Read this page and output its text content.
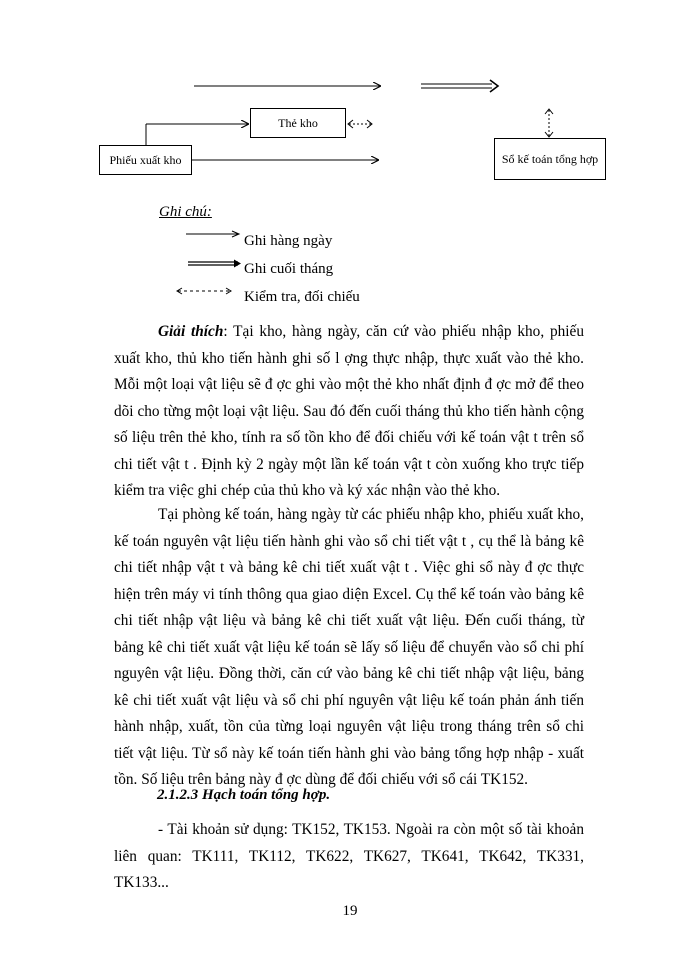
Thẻ kho
Phiếu xuất kho	Sổ kế toán tổng hợp
Ghi chú:
Ghi hàng ngày
Ghi cuối tháng
Kiểm tra, đối chiếu

Giải thích: Tại kho, hàng ngày, căn cứ vào phiếu nhập kho, phiếu xuất kho, thủ kho tiến hành ghi số l ợng thực nhập, thực xuất vào thẻ kho. Mỗi một loại vật liệu sẽ đ ợc ghi vào một thẻ kho nhất định đ ợc mở để theo dõi cho từng một loại vật liệu. Sau đó đến cuối tháng thủ kho tiến hành cộng số liệu trên thẻ kho, tính ra số tồn kho để đối chiếu với kế toán vật t trên sổ chi tiết vật t . Định kỳ 2 ngày một lần kế toán vật t còn xuống kho trực tiếp kiểm tra việc ghi chép của thủ kho và ký xác nhận vào thẻ kho.

Tại phòng kế toán, hàng ngày từ các phiếu nhập kho, phiếu xuất kho, kế toán nguyên vật liệu tiến hành ghi vào sổ chi tiết vật t , cụ thể là bảng kê chi tiết nhập vật t và bảng kê chi tiết xuất vật t . Việc ghi sổ này đ ợc thực hiện trên máy vi tính thông qua giao diện Excel. Cụ thể kế toán vào bảng kê chi tiết nhập vật liệu và bảng kê chi tiết xuất vật liệu. Đến cuối tháng, từ bảng kê chi tiết xuất vật liệu kế toán sẽ lấy số liệu để chuyển vào sổ chi phí nguyên vật liệu. Đồng thời, căn cứ vào bảng kê chi tiết nhập vật liệu, bảng kê chi tiết xuất vật liệu và sổ chi phí nguyên vật liệu kế toán phản ánh tiến hành nhập, xuất, tồn của từng loại nguyên vật liệu trong tháng trên sổ chi tiết vật liệu. Từ sổ này kế toán tiến hành ghi vào bảng tổng hợp nhập - xuất tồn. Số liệu trên bảng này đ ợc dùng để đối chiếu với sổ cái TK152.

2.1.2.3 Hạch toán tổng hợp.

- Tài khoản sử dụng: TK152, TK153. Ngoài ra còn một số tài khoản liên quan: TK111, TK112, TK622, TK627, TK641, TK642, TK331, TK133...

19
